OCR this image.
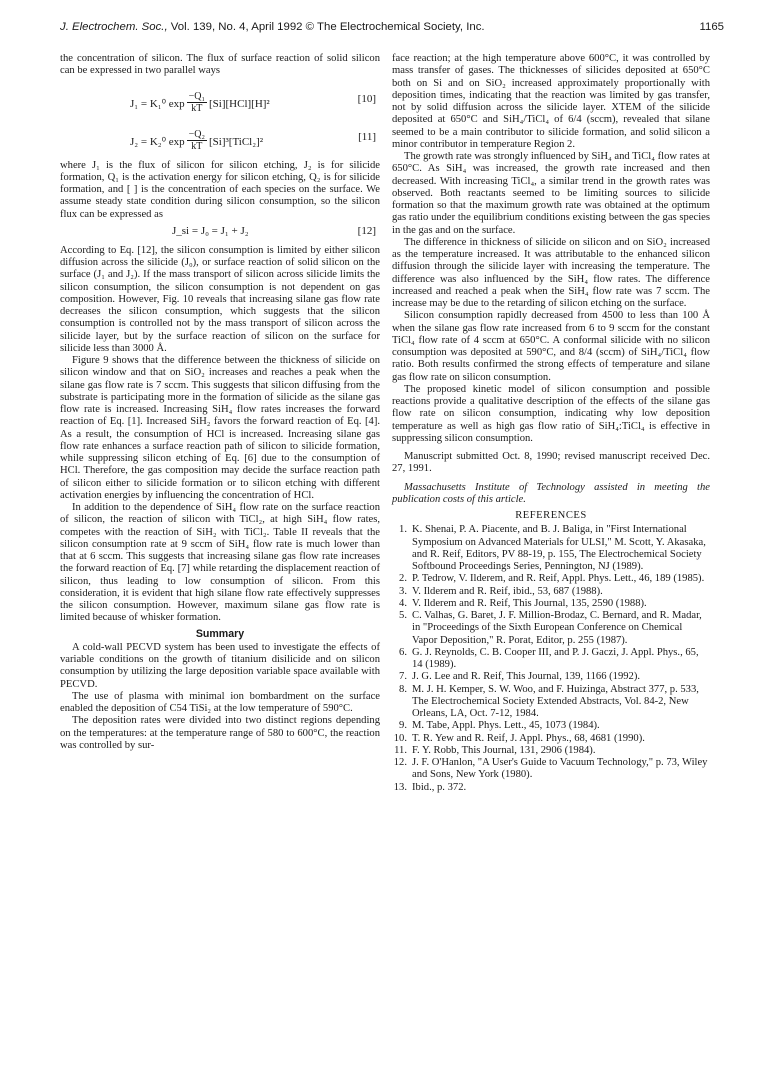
J. Electrochem. Soc., Vol. 139, No. 4, April 1992 © The Electrochemical Society, Inc.	1165

the concentration of silicon. The flux of surface reaction of solid silicon can be expressed in two parallel ways

J₁ = K₁⁰ $\exp \frac{\text{−Q₁}}{kT} [Si][HCl][H]^2$	[10]
J₂ = K₂⁰ $\exp \frac{\text{−Q₂}}{kT}$ [Si]³[TiCl₂]²	[11]

where J₁ is the flux of silicon for silicon etching, J₂ is for silicide formation, Q₁ is the activation energy for silicon etching, Q₂ is for silicide formation, and [ ] is the concentration of each species on the surface. We assume steady state condition during silicon consumption, so the silicon flux can be expressed as

J_si = J₀ = J₁ + J₂	[12]

According to Eq. [12], the silicon consumption is limited by either silicon diffusion across the silicide (J₀), or surface reaction of solid silicon on the surface (J₁ and J₂). If the mass transport of silicon across silicide limits the silicon consumption, the silicon consumption is not dependent on gas composition. However, Fig. 10 reveals that increasing silane gas flow rate decreases the silicon consumption, which suggests that the silicon consumption is controlled not by the mass transport of silicon across the silicide layer, but by the surface reaction of silicon on the surface for silicide less than 3000 Å.

Figure 9 shows that the difference between the thickness of silicide on silicon window and that on SiO₂ increases and reaches a peak when the silane gas flow rate is 7 sccm. This suggests that silicon diffusing from the substrate is participating more in the formation of silicide as the silane gas flow rate is increased. Increasing SiH₄ flow rates increases the forward reaction of Eq. [1]. Increased SiH₂ favors the forward reaction of Eq. [4]. As a result, the consumption of HCl is increased. Increasing silane gas flow rate enhances a surface reaction path of silicon to silicide formation, while suppressing silicon etching of Eq. [6] due to the consumption of HCl. Therefore, the gas composition may decide the surface reaction path of silicon either to silicide formation or to silicon etching with different activation energies by influencing the concentration of HCl.

In addition to the dependence of SiH₄ flow rate on the surface reaction of silicon, the reaction of silicon with TiCl₂, at high SiH₄ flow rates, competes with the reaction of SiH₂ with TiCl₂. Table II reveals that the silicon consumption rate at 9 sccm of SiH₄ flow rate is much lower than that at 6 sccm. This suggests that increasing silane gas flow rate increases the forward reaction of Eq. [7] while retarding the displacement reaction of silicon, thus leading to low consumption of silicon. From this consideration, it is evident that high silane flow rate effectively suppresses the silicon consumption. However, maximum silane gas flow rate is limited because of whisker formation.

Summary

A cold-wall PECVD system has been used to investigate the effects of variable conditions on the growth of titanium disilicide and on silicon consumption by utilizing the large deposition variable space available with PECVD.

The use of plasma with minimal ion bombardment on the surface enabled the deposition of C54 TiSi₂ at the low temperature of 590°C.

The deposition rates were divided into two distinct regions depending on the temperatures: at the temperature range of 580 to 600°C, the reaction was controlled by sur-

face reaction; at the high temperature above 600°C, it was controlled by mass transfer of gases. The thicknesses of silicides deposited at 650°C both on Si and on SiO₂ increased approximately proportionally with deposition times, indicating that the reaction was limited by gas transfer, not by solid diffusion across the silicide layer. XTEM of the silicide deposited at 650°C and SiH₄/TiCl₄ of 6/4 (sccm), revealed that silane seemed to be a main contributor to silicide formation, and solid silicon a minor contributor in temperature Region 2.

The growth rate was strongly influenced by SiH₄ and TiCl₄ flow rates at 650°C. As SiH₄ was increased, the growth rate increased and then decreased. With increasing TiCl₄, a similar trend in the growth rates was observed. Both reactants seemed to be limiting sources to silicide formation so that the maximum growth rate was obtained at the optimum gas ratio under the equilibrium conditions existing between the gas species in the gas and on the surface.

The difference in thickness of silicide on silicon and on SiO₂ increased as the temperature increased. It was attributable to the enhanced silicon diffusion through the silicide layer with increasing the temperature. The difference was also influenced by the SiH₄ flow rates. The difference increased and reached a peak when the SiH₄ flow rate was 7 sccm. The increase may be due to the retarding of silicon etching on the surface.

Silicon consumption rapidly decreased from 4500 to less than 100 Å when the silane gas flow rate increased from 6 to 9 sccm for the constant TiCl₄ flow rate of 4 sccm at 650°C. A conformal silicide with no silicon consumption was deposited at 590°C, and 8/4 (sccm) of SiH₄/TiCl₄ flow ratio. Both results confirmed the strong effects of temperature and silane gas flow rate on silicon consumption.

The proposed kinetic model of silicon consumption and possible reactions provide a qualitative description of the effects of the silane gas flow rate on silicon consumption, indicating why low deposition temperature as well as high gas flow ratio of SiH₄:TiCl₄ is effective in suppressing silicon consumption.

Manuscript submitted Oct. 8, 1990; revised manuscript received Dec. 27, 1991.

Massachusetts Institute of Technology assisted in meeting the publication costs of this article.

REFERENCES
1. K. Shenai, P. A. Piacente, and B. J. Baliga, in "First International Symposium on Advanced Materials for ULSI," M. Scott, Y. Akasaka, and R. Reif, Editors, PV 88-19, p. 155, The Electrochemical Society Softbound Proceedings Series, Pennington, NJ (1989).
2. P. Tedrow, V. Ilderem, and R. Reif, Appl. Phys. Lett., 46, 189 (1985).
3. V. Ilderem and R. Reif, ibid., 53, 687 (1988).
4. V. Ilderem and R. Reif, This Journal, 135, 2590 (1988).
5. C. Valhas, G. Baret, J. F. Million-Brodaz, C. Bernard, and R. Madar, in "Proceedings of the Sixth European Conference on Chemical Vapor Deposition," R. Porat, Editor, p. 255 (1987).
6. G. J. Reynolds, C. B. Cooper III, and P. J. Gaczi, J. Appl. Phys., 65, 14 (1989).
7. J. G. Lee and R. Reif, This Journal, 139, 1166 (1992).
8. M. J. H. Kemper, S. W. Woo, and F. Huizinga, Abstract 377, p. 533, The Electrochemical Society Extended Abstracts, Vol. 84-2, New Orleans, LA, Oct. 7-12, 1984.
9. M. Tabe, Appl. Phys. Lett., 45, 1073 (1984).
10. T. R. Yew and R. Reif, J. Appl. Phys., 68, 4681 (1990).
11. F. Y. Robb, This Journal, 131, 2906 (1984).
12. J. F. O'Hanlon, "A User's Guide to Vacuum Technology," p. 73, Wiley and Sons, New York (1980).
13. Ibid., p. 372.
